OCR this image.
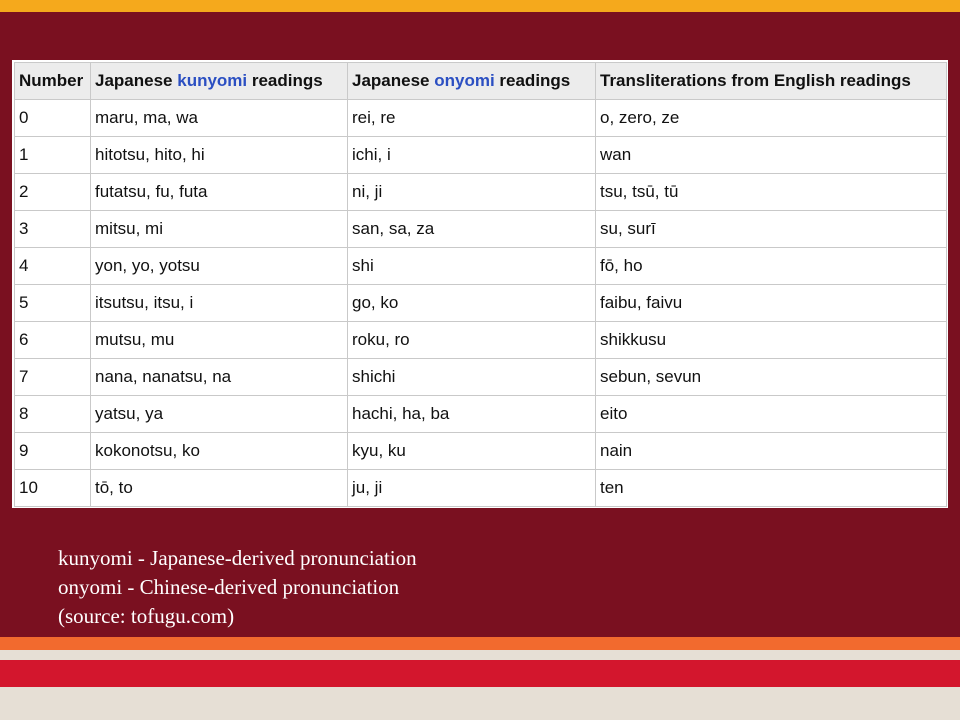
Number	Japanese kunyomi readings	Japanese onyomi readings	Transliterations from English readings
0	maru, ma, wa	rei, re	o, zero, ze
1	hitotsu, hito, hi	ichi, i	wan
2	futatsu, fu, futa	ni, ji	tsu, tsū, tū
3	mitsu, mi	san, sa, za	su, surī
4	yon, yo, yotsu	shi	fō, ho
5	itsutsu, itsu, i	go, ko	faibu, faivu
6	mutsu, mu	roku, ro	shikkusu
7	nana, nanatsu, na	shichi	sebun, sevun
8	yatsu, ya	hachi, ha, ba	eito
9	kokonotsu, ko	kyu, ku	nain
10	tō, to	ju, ji	ten
kunyomi - Japanese-derived pronunciation
onyomi - Chinese-derived pronunciation
(source: tofugu.com)
